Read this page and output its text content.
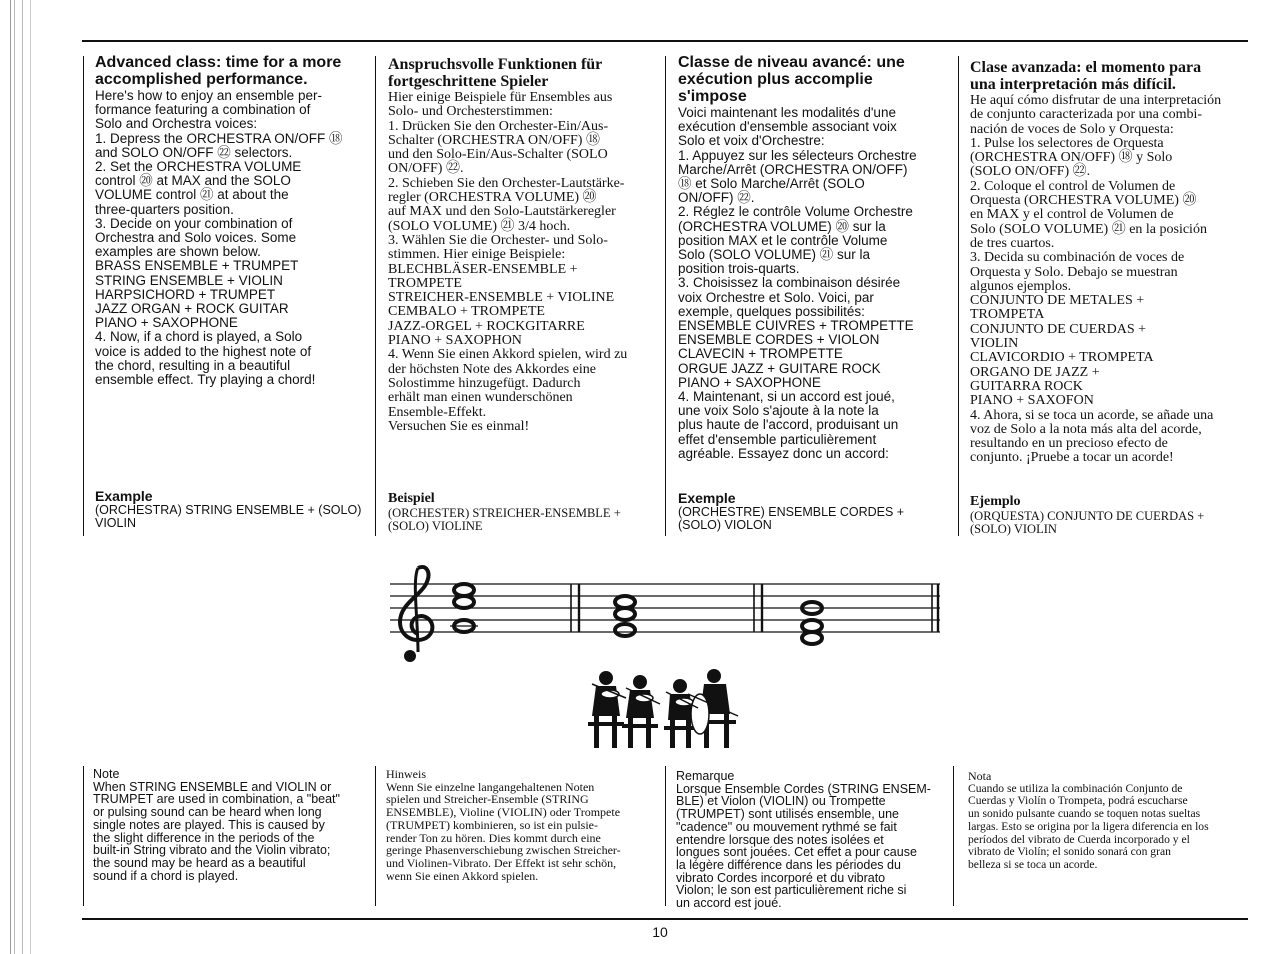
Advanced class: time for a more
accomplished performance.
Here's how to enjoy an ensemble per-
formance featuring a combination of
Solo and Orchestra voices:
1. Depress the ORCHESTRA ON/OFF ⑱
and SOLO ON/OFF ㉒ selectors.
2. Set the ORCHESTRA VOLUME
control ⑳ at MAX and the SOLO
VOLUME control ㉑ at about the
three-quarters position.
3. Decide on your combination of
Orchestra and Solo voices. Some
examples are shown below.
BRASS ENSEMBLE + TRUMPET
STRING ENSEMBLE + VIOLIN
HARPSICHORD + TRUMPET
JAZZ ORGAN + ROCK GUITAR
PIANO + SAXOPHONE
4. Now, if a chord is played, a Solo
voice is added to the highest note of
the chord, resulting in a beautiful
ensemble effect. Try playing a chord!
Example
(ORCHESTRA) STRING ENSEMBLE + (SOLO)
VIOLIN
Note
When STRING ENSEMBLE and VIOLIN or
TRUMPET are used in combination, a "beat"
or pulsing sound can be heard when long
single notes are played. This is caused by
the slight difference in the periods of the
built-in String vibrato and the Violin vibrato;
the sound may be heard as a beautiful
sound if a chord is played.
Anspruchsvolle Funktionen für
fortgeschrittene Spieler
Hier einige Beispiele für Ensembles aus
Solo- und Orchesterstimmen:
1. Drücken Sie den Orchester-Ein/Aus-
Schalter (ORCHESTRA ON/OFF) ⑱
und den Solo-Ein/Aus-Schalter (SOLO
ON/OFF) ㉒.
2. Schieben Sie den Orchester-Lautstärke-
regler (ORCHESTRA VOLUME) ⑳
auf MAX und den Solo-Lautstärkeregler
(SOLO VOLUME) ㉑ 3/4 hoch.
3. Wählen Sie die Orchester- und Solo-
stimmen. Hier einige Beispiele:
BLECHBLÄSER-ENSEMBLE +
TROMPETE
STREICHER-ENSEMBLE + VIOLINE
CEMBALO + TROMPETE
JAZZ-ORGEL + ROCKGITARRE
PIANO + SAXOPHON
4. Wenn Sie einen Akkord spielen, wird zu
der höchsten Note des Akkordes eine
Solostimme hinzugefügt. Dadurch
erhält man einen wunderschönen
Ensemble-Effekt.
Versuchen Sie es einmal!
Beispiel
(ORCHESTER) STREICHER-ENSEMBLE +
(SOLO) VIOLINE
Hinweis
Wenn Sie einzelne langangehaltenen Noten
spielen und Streicher-Ensemble (STRING
ENSEMBLE), Violine (VIOLIN) oder Trompete
(TRUMPET) kombinieren, so ist ein pulsie-
render Ton zu hören. Dies kommt durch eine
geringe Phasenverschiebung zwischen Streicher-
und Violinen-Vibrato. Der Effekt ist sehr schön,
wenn Sie einen Akkord spielen.
Classe de niveau avancé: une
exécution plus accomplie
s'impose
Voici maintenant les modalités d'une
exécution d'ensemble associant voix
Solo et voix d'Orchestre:
1. Appuyez sur les sélecteurs Orchestre
Marche/Arrêt (ORCHESTRA ON/OFF)
⑱ et Solo Marche/Arrêt (SOLO
ON/OFF) ㉒.
2. Réglez le contrôle Volume Orchestre
(ORCHESTRA VOLUME) ⑳ sur la
position MAX et le contrôle Volume
Solo (SOLO VOLUME) ㉑ sur la
position trois-quarts.
3. Choisissez la combinaison désirée
voix Orchestre et Solo. Voici, par
exemple, quelques possibilités:
ENSEMBLE CUIVRES + TROMPETTE
ENSEMBLE CORDES + VIOLON
CLAVECIN + TROMPETTE
ORGUE JAZZ + GUITARE ROCK
PIANO + SAXOPHONE
4. Maintenant, si un accord est joué,
une voix Solo s'ajoute à la note la
plus haute de l'accord, produisant un
effet d'ensemble particulièrement
agréable. Essayez donc un accord:
Exemple
(ORCHESTRE) ENSEMBLE CORDES +
(SOLO) VIOLON
Remarque
Lorsque Ensemble Cordes (STRING ENSEM-
BLE) et Violon (VIOLIN) ou Trompette
(TRUMPET) sont utilisés ensemble, une
"cadence" ou mouvement rythmé se fait
entendre lorsque des notes isolées et
longues sont jouées. Cet effet a pour cause
la légère différence dans les périodes du
vibrato Cordes incorporé et du vibrato
Violon; le son est particulièrement riche si
un accord est joué.
Clase avanzada: el momento para
una interpretación más difícil.
He aquí cómo disfrutar de una interpretación
de conjunto caracterizada por una combi-
nación de voces de Solo y Orquesta:
1. Pulse los selectores de Orquesta
(ORCHESTRA ON/OFF) ⑱ y Solo
(SOLO ON/OFF) ㉒.
2. Coloque el control de Volumen de
Orquesta (ORCHESTRA VOLUME) ⑳
en MAX y el control de Volumen de
Solo (SOLO VOLUME) ㉑ en la posición
de tres cuartos.
3. Decida su combinación de voces de
Orquesta y Solo. Debajo se muestran
algunos ejemplos.
CONJUNTO DE METALES +
TROMPETA
CONJUNTO DE CUERDAS +
VIOLIN
CLAVICORDIO + TROMPETA
ORGANO DE JAZZ +
GUITARRA ROCK
PIANO + SAXOFON
4. Ahora, si se toca un acorde, se añade una
voz de Solo a la nota más alta del acorde,
resultando en un precioso efecto de
conjunto. ¡Pruebe a tocar un acorde!
Ejemplo
(ORQUESTA) CONJUNTO DE CUERDAS +
(SOLO) VIOLIN
Nota
Cuando se utiliza la combinación Conjunto de
Cuerdas y Violín o Trompeta, podrá escucharse
un sonido pulsante cuando se toquen notas sueltas
largas. Esto se origina por la ligera diferencia en los
períodos del vibrato de Cuerda incorporado y el
vibrato de Violín; el sonido sonará con gran
belleza si se toca un acorde.
10
